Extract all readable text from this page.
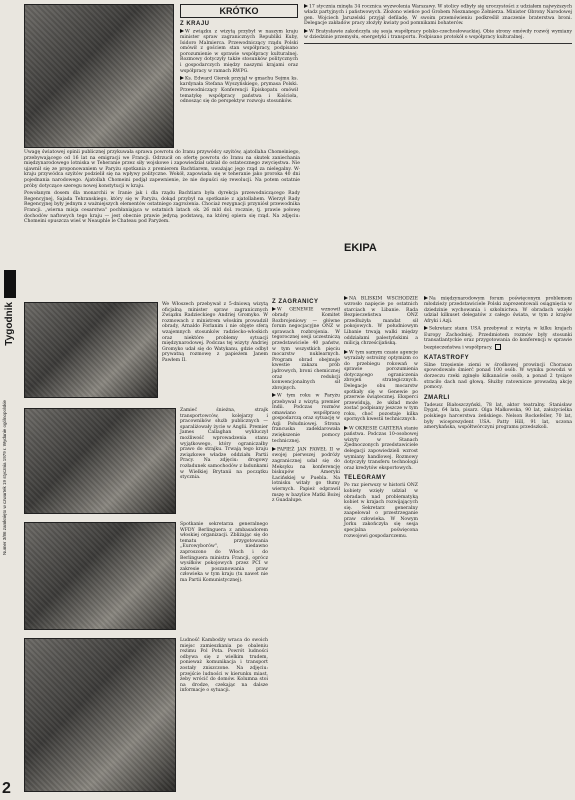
Tygodnik
Numer 3/86 zamknięto w czwartek 19 stycznia 1979 r. Wydanie ogólnopolskie
Uwagę światowej opinii publicznej przykuwała sprawa powrotu do Iranu przywódcy szyitów, ajatollaha Chomeiniego, przebywającego od 16 lat na emigracji we Francji. Odrzucił on ofertę powrotu do Iranu na skutek zaniechania międzynarodowego lotniska w Teheranie przez siły wojskowe i zapowiedział udział do ostatecznego zwycięstwa. Nie ujawnił się ze proponowaniem w Paryżu spotkania z premierem Bachtiarem, uważając jego rząd za nielegalny. W-kraju przywódca szyitów podzielił się na wpływy polityczne. Wokół, zapowiada się w teheranie jako proroka 40 dni pojednania narodowego. Ajatollah Chomeini podjął zapewnienie, że nie dopuści się rewolucji. Na potem ostatnie próby dotyczące szeregu nowej konstytucji w kraju.
Powołanym dosem dla monarchii w Iranie jak i dla rządu Bachtiara była dyrekcja przewodniczącego Rady Regencyjnej, Sajada Tehranskiego, który się w Paryżu, dokąd przybył na spotkanie z ajatollahem. Wierzył Rady Regencyjnej były jednym z ważniejszych elementów ostatniego zagrożenia. Chociaż rezygnacji przyniósł przewodnika Francji. „wierna misja cesarstwa" pochłaniająca w ostatnich latach ok. 26 mld dol. rocznie, tj. prawie połowę dochodów naftowych tego kraju — jest obecnie prawie jedyną podstawą, na której opiera się rząd. Na zdjęciu: Chomeini opuszcza wieś w Neauphle le Chateau pod Paryżem.
We Włoszech przebywał z 5-dniową wizytą oficjalną minister spraw zagranicznych Związku Radzieckiego Andriej Gromyko. W rozmowach z ministrem włoskim prowadził obrady, Arnaldo Forlanim i nie objęte sferą wzajemnych stosunków radziecko-włoskich oraz niektóre problemy sytuacji międzynarodowej. Podczas tej wizyty Andriej Gromyko udał się do Watykanu, gdzie odbył prywatną rozmowę z papieżem Janem Pawłem II.
Zamieć śnieżna, strajk transportowców, kolejarzy i pracowników służb publicznych — sparaliżowały życie w Anglii. Premier James Callaghan wykluczył możliwość wprowadzenia stanu wyjątkowego, który ograniczałby prawo do strajku. Trwają tego kraju związkowe władze oddziału Partii Pracy. Na zdjęciu: drogowy rozładunek samochodów z ładunkami w Wielkiej Brytanii na początku stycznia.
Spotkanie sekretarza generalnego WFDY Berlinguera z ambasadorem włoskiej organizacji. Zbliżając się do tematu przygotowania „Eurowyborów", niedawno zaproszono do Włoch i do Berlinguera ministra Francji, oprócz wysiłków pokojowych przez PCI w zakresie poszanowania praw człowieka w tym kraju (tu nawet nie ma Partii Komunistycznej).
Ludność Kambodży wraca do swoich miejsc zamieszkania po obaleniu reżimu Pol Pota. Powrót ludności odbywa się z wielkim trudem, ponieważ komunikacja i transport zostały zniszczone. Na zdjęciu: przejście ludności w kierunku miast, żeby wrócić do domów. Kolumna stoi na drodze, czekając na dalsze informacje o sytuacji.
2
KRÓTKO
Z KRAJU
W związku z wizytą przybył w naszym kraju minister spraw zagranicznych Republiki Kuby, Isidoro Malmierca. Przewodniczący rządu Polski omówił z gościem stan współpracy, podpisano porozumienie w sprawie współpracy kulturalnej. Rozmowy dotyczyły także stosunków politycznych i gospodarczych między naszymi krajami oraz współpracy w ramach RWPG.
Ks. Edward Gierek przyjął w gmachu Sejmu ks. kardynała Stefana Wyszyńskiego, prymasa Polski. Przewodniczący Konferencji Episkopatu omówił tematykę współpracy państwa i Kościoła, odnosząc się do perspektyw rozwoju stosunków.
Z ZAGRANICY
W GENEWIE wznowił obrady Komitet Rozbrojeniowy — główne forum negocjacyjne ONZ w sprawach rozbrojenia. W tegorocznej sesji uczestniczą przedstawiciele 40 państw, w tym wszystkich pięciu mocarstw nuklearnych. Program obrad obejmuje kwestie zakazu prób jądrowych, broni chemicznej oraz redukcji konwencjonalnych sił zbrojnych.
W tym roku w Paryżu przebywał z wizytą premier Indii. Podczas rozmów omawiano współpracę gospodarczą oraz sytuację w Azji Południowej. Strona francuska zadeklarowała zwiększenie pomocy technicznej.
PAPIEŻ JAN PAWEŁ II w swojej pierwszej podróży zagranicznej udał się do Meksyku na konferencję biskupów Ameryki Łacińskiej w Puebla. Na lotnisku witały go tłumy wiernych. Papież odprawił mszę w bazylice Matki Bożej z Guadalupe.
NA BLISKIM WSCHODZIE wzrosło napięcie po ostatnich starciach w Libanie. Rada Bezpieczeństwa ONZ przedłużyła mandat sił pokojowych. W południowym Libanie trwają walki między oddziałami palestyńskimi a milicją chrześcijańską.
W tym samym czasie agencje wyrażały ostrożny optymizm co do przebiegu rokowań w sprawie porozumienia dotyczącego ograniczenia zbrojeń strategicznych. Delegacje obu mocarstw spotkały się w Genewie po przerwie świątecznej. Eksperci przewidują, że układ może zostać podpisany jeszcze w tym roku, choć pozostaje kilka spornych kwestii technicznych.
W OKRESIE CARTERA stanie państwa. Podczas 10-osobowej wizyty w Stanach Zjednoczonych przedstawiciele delegacji zapowiedzieli wzrost wymiany handlowej. Rozmowy dotyczyły transferu technologii oraz kredytów eksportowych.
TELEGRAMY
Po raz pierwszy w historii ONZ kobiety wzięły udział w obradach nad problematyką kobiet w krajach rozwijających się. Sekretarz generalny zaapelował o przestrzeganie praw człowieka. W Nowym Jorku zakończyła się sesja specjalna poświęcona rozwojowi gospodarczemu.
17 stycznia minęła 34 rocznica wyzwolenia Warszawy. W stolicy odbyły się uroczystości z udziałem najwyższych władz partyjnych i państwowych. Złożono wieńce pod Grobem Nieznanego Żołnierza. Minister Obrony Narodowej gen. Wojciech Jaruzelski przyjął defiladę. W swoim przemówieniu podkreślił znaczenie braterstwa broni. Delegacje zakładów pracy złożyły kwiaty pod pomnikami bohaterów.
W Bratysławie zakończyła się sesja współpracy polsko-czechosłowackiej. Obie strony omówiły rozwój wymiany w dziedzinie przemysłu, energetyki i transportu. Podpisano protokół o współpracy kulturalnej.
Na międzynarodowym forum poświęconym problemom młodzieży przedstawiciele Polski zaprezentowali osiągnięcia w dziedzinie wychowania i szkolnictwa. W obradach wzięło udział kilkuset delegatów z całego świata, w tym z krajów Afryki i Azji.
Sekretarz stanu USA przebywał z wizytą w kilku krajach Europy Zachodniej. Przedmiotem rozmów były stosunki transatlantyckie oraz przygotowania do konferencji w sprawie bezpieczeństwa i współpracy.
KATASTROFY
Silne trzęsienie ziemi w środkowej prowincji Chorasan spowodowało śmierć ponad 100 osób. W wyniku powodzi w dorzeczu rzeki zginęło kilkanaście osób, a ponad 2 tysiące straciło dach nad głową. Służby ratownicze prowadzą akcję pomocy.
ZMARLI
Tadeusz Białoszczyński, 78 lat, aktor teatralny. Stanisław Dygat, 64 lata, pisarz. Olga Małkowska, 90 lat, założycielka polskiego harcerstwa żeńskiego. Nelson Rockefeller, 70 lat, były wiceprezydent USA. Patty Hill, 91 lat, uczona amerykańska, współtwórczyni programu przedszkoli.
EKIPA
